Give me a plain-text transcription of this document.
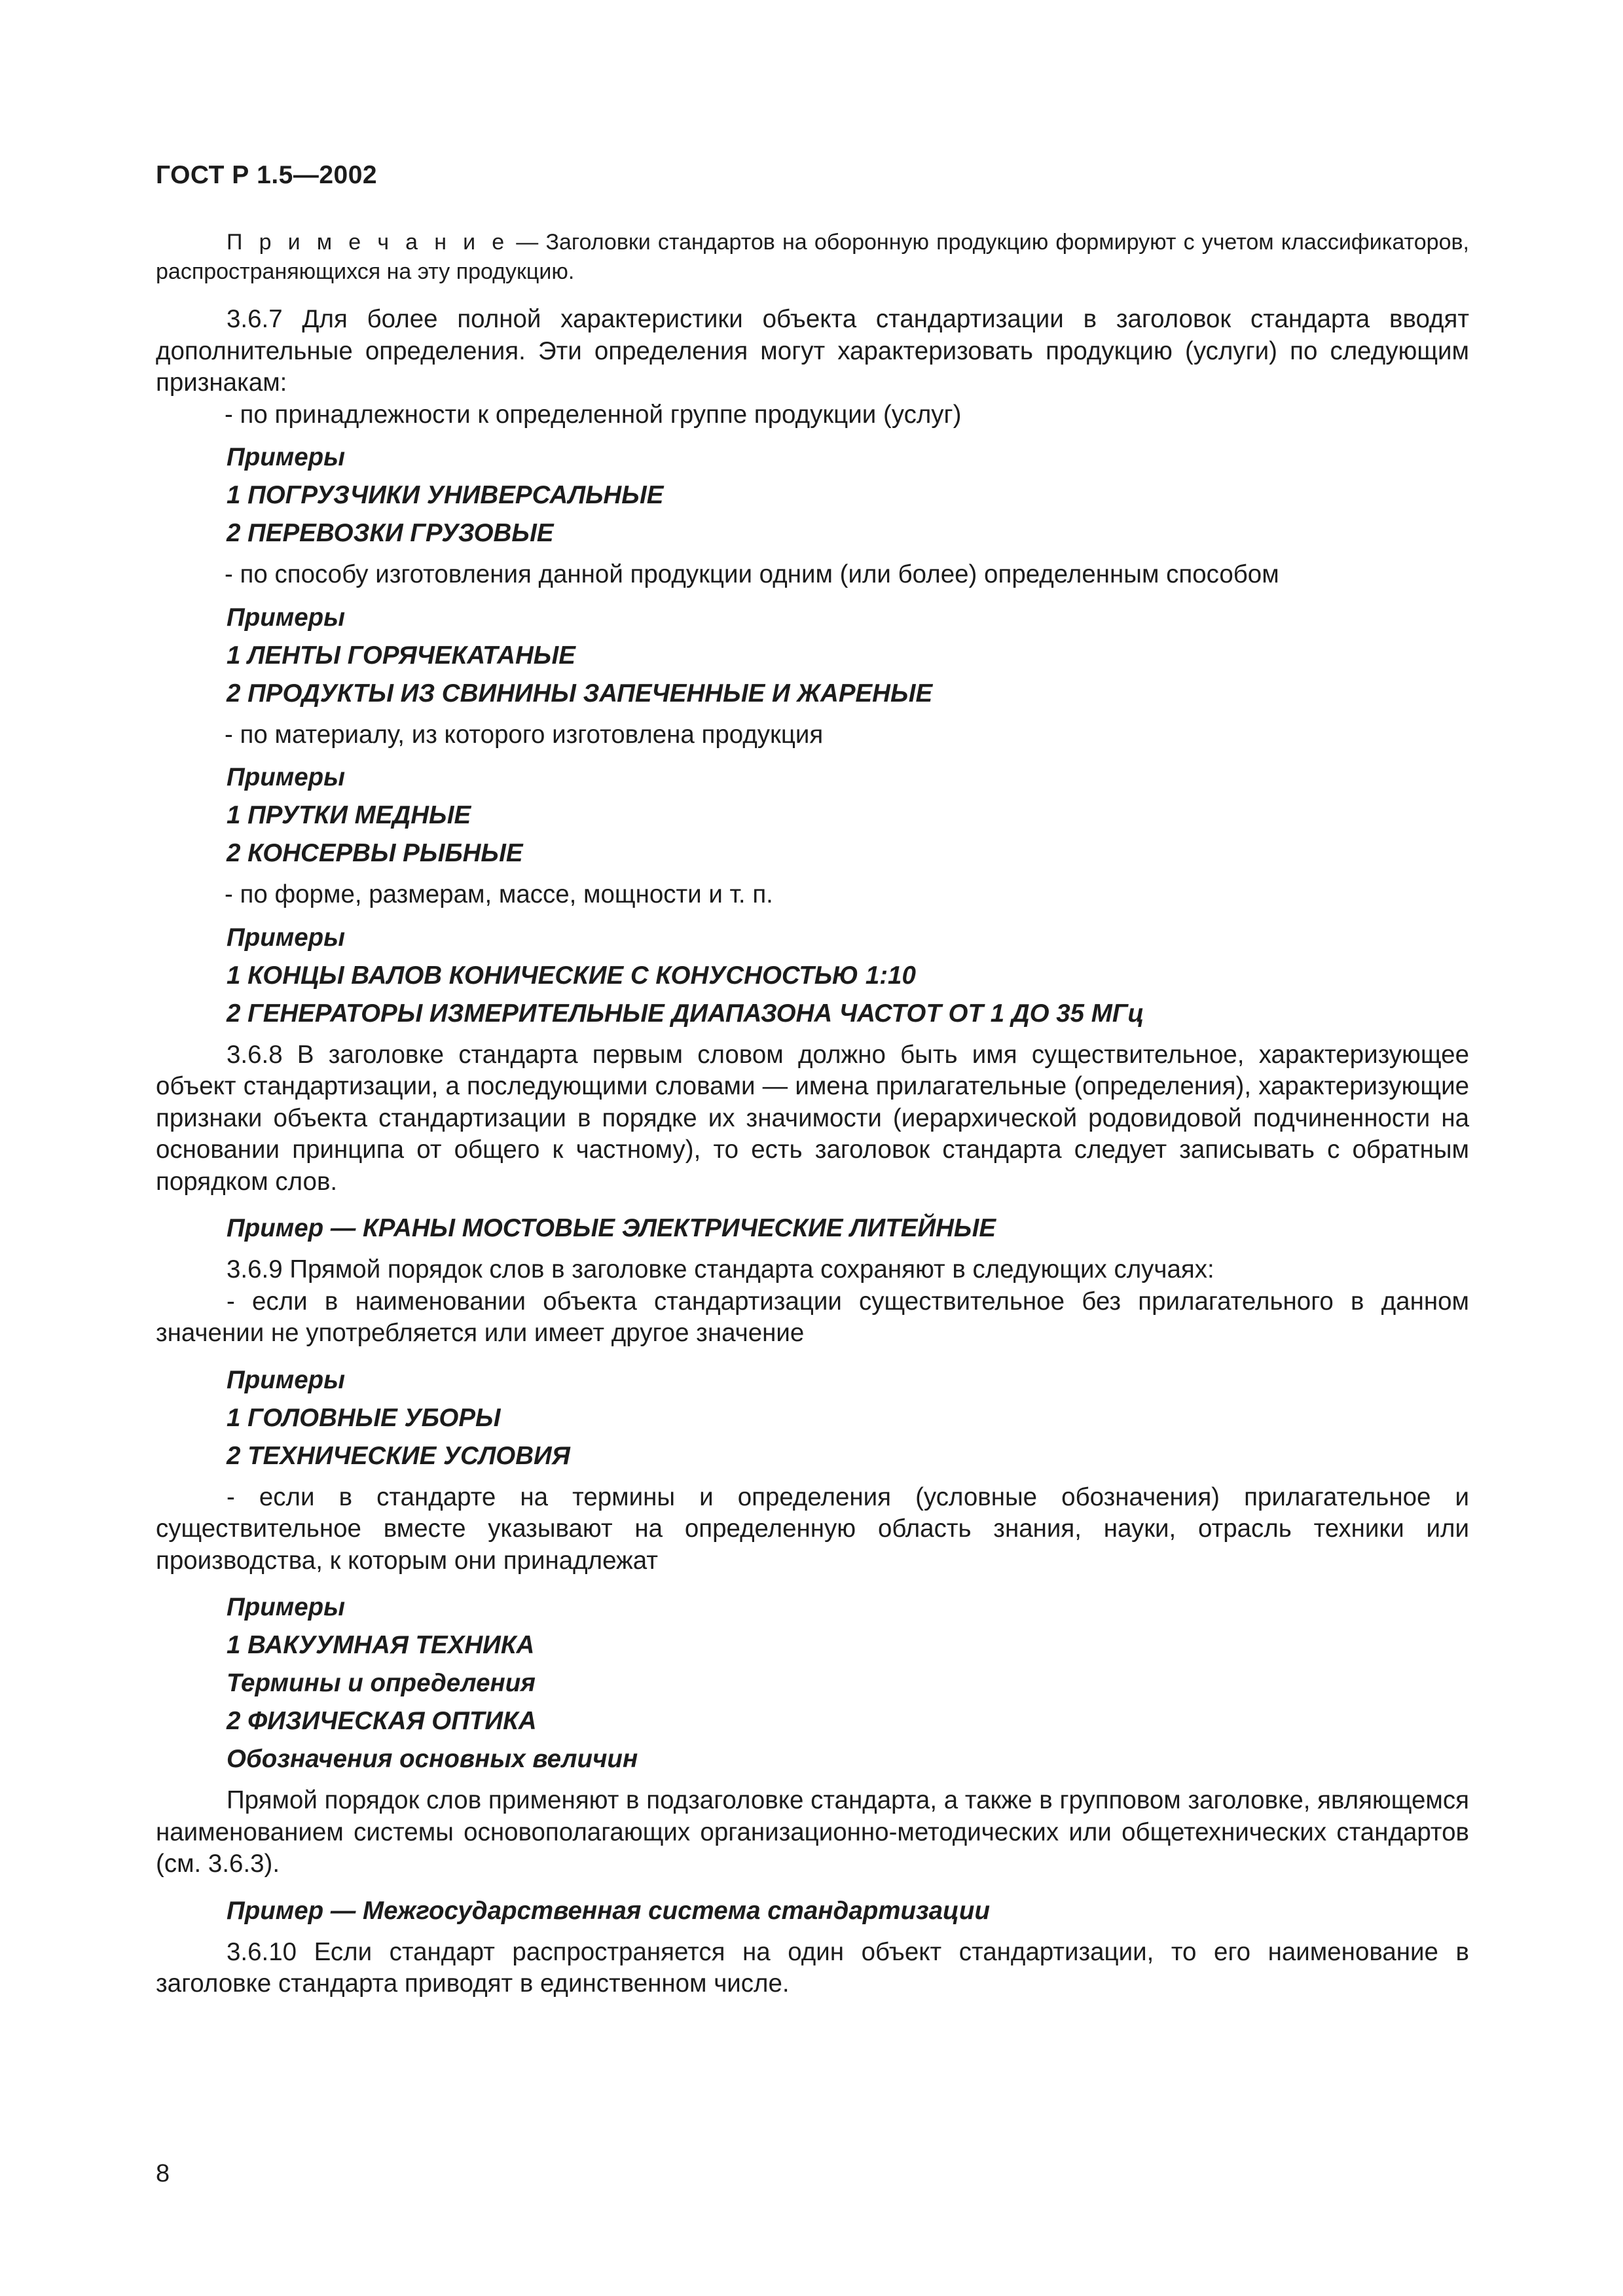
ГОСТ Р 1.5—2002

П р и м е ч а н и е — Заголовки стандартов на оборонную продукцию формируют с учетом классификаторов, распространяющихся на эту продукцию.

3.6.7 Для более полной характеристики объекта стандартизации в заголовок стандарта вводят дополнительные определения. Эти определения могут характеризовать продукцию (услуги) по следующим признакам:

- по принадлежности к определенной группе продукции (услуг)

Примеры

1 ПОГРУЗЧИКИ УНИВЕРСАЛЬНЫЕ

2 ПЕРЕВОЗКИ ГРУЗОВЫЕ

- по способу изготовления данной продукции одним (или более) определенным способом

Примеры

1 ЛЕНТЫ ГОРЯЧЕКАТАНЫЕ

2 ПРОДУКТЫ ИЗ СВИНИНЫ ЗАПЕЧЕННЫЕ И ЖАРЕНЫЕ

- по материалу, из которого изготовлена продукция

Примеры

1 ПРУТКИ МЕДНЫЕ

2 КОНСЕРВЫ РЫБНЫЕ

- по форме, размерам, массе, мощности и т. п.

Примеры

1 КОНЦЫ ВАЛОВ КОНИЧЕСКИЕ С КОНУСНОСТЬЮ 1:10

2 ГЕНЕРАТОРЫ ИЗМЕРИТЕЛЬНЫЕ ДИАПАЗОНА ЧАСТОТ ОТ 1 ДО 35 МГц

3.6.8 В заголовке стандарта первым словом должно быть имя существительное, характеризующее объект стандартизации, а последующими словами — имена прилагательные (определения), характеризующие признаки объекта стандартизации в порядке их значимости (иерархической родовидовой подчиненности на основании принципа от общего к частному), то есть заголовок стандарта следует записывать с обратным порядком слов.

Пример — КРАНЫ МОСТОВЫЕ ЭЛЕКТРИЧЕСКИЕ ЛИТЕЙНЫЕ

3.6.9 Прямой порядок слов в заголовке стандарта сохраняют в следующих случаях:

- если в наименовании объекта стандартизации существительное без прилагательного в данном значении не употребляется или имеет другое значение

Примеры

1 ГОЛОВНЫЕ УБОРЫ

2 ТЕХНИЧЕСКИЕ УСЛОВИЯ

- если в стандарте на термины и определения (условные обозначения) прилагательное и существительное вместе указывают на определенную область знания, науки, отрасль техники или производства, к которым они принадлежат

Примеры

1 ВАКУУМНАЯ ТЕХНИКА

Термины и определения

2 ФИЗИЧЕСКАЯ ОПТИКА

Обозначения основных величин

Прямой порядок слов применяют в подзаголовке стандарта, а также в групповом заголовке, являющемся наименованием системы основополагающих организационно-методических или общетехнических стандартов (см. 3.6.3).

Пример — Межгосударственная система стандартизации

3.6.10 Если стандарт распространяется на один объект стандартизации, то его наименование в заголовке стандарта приводят в единственном числе.

8
